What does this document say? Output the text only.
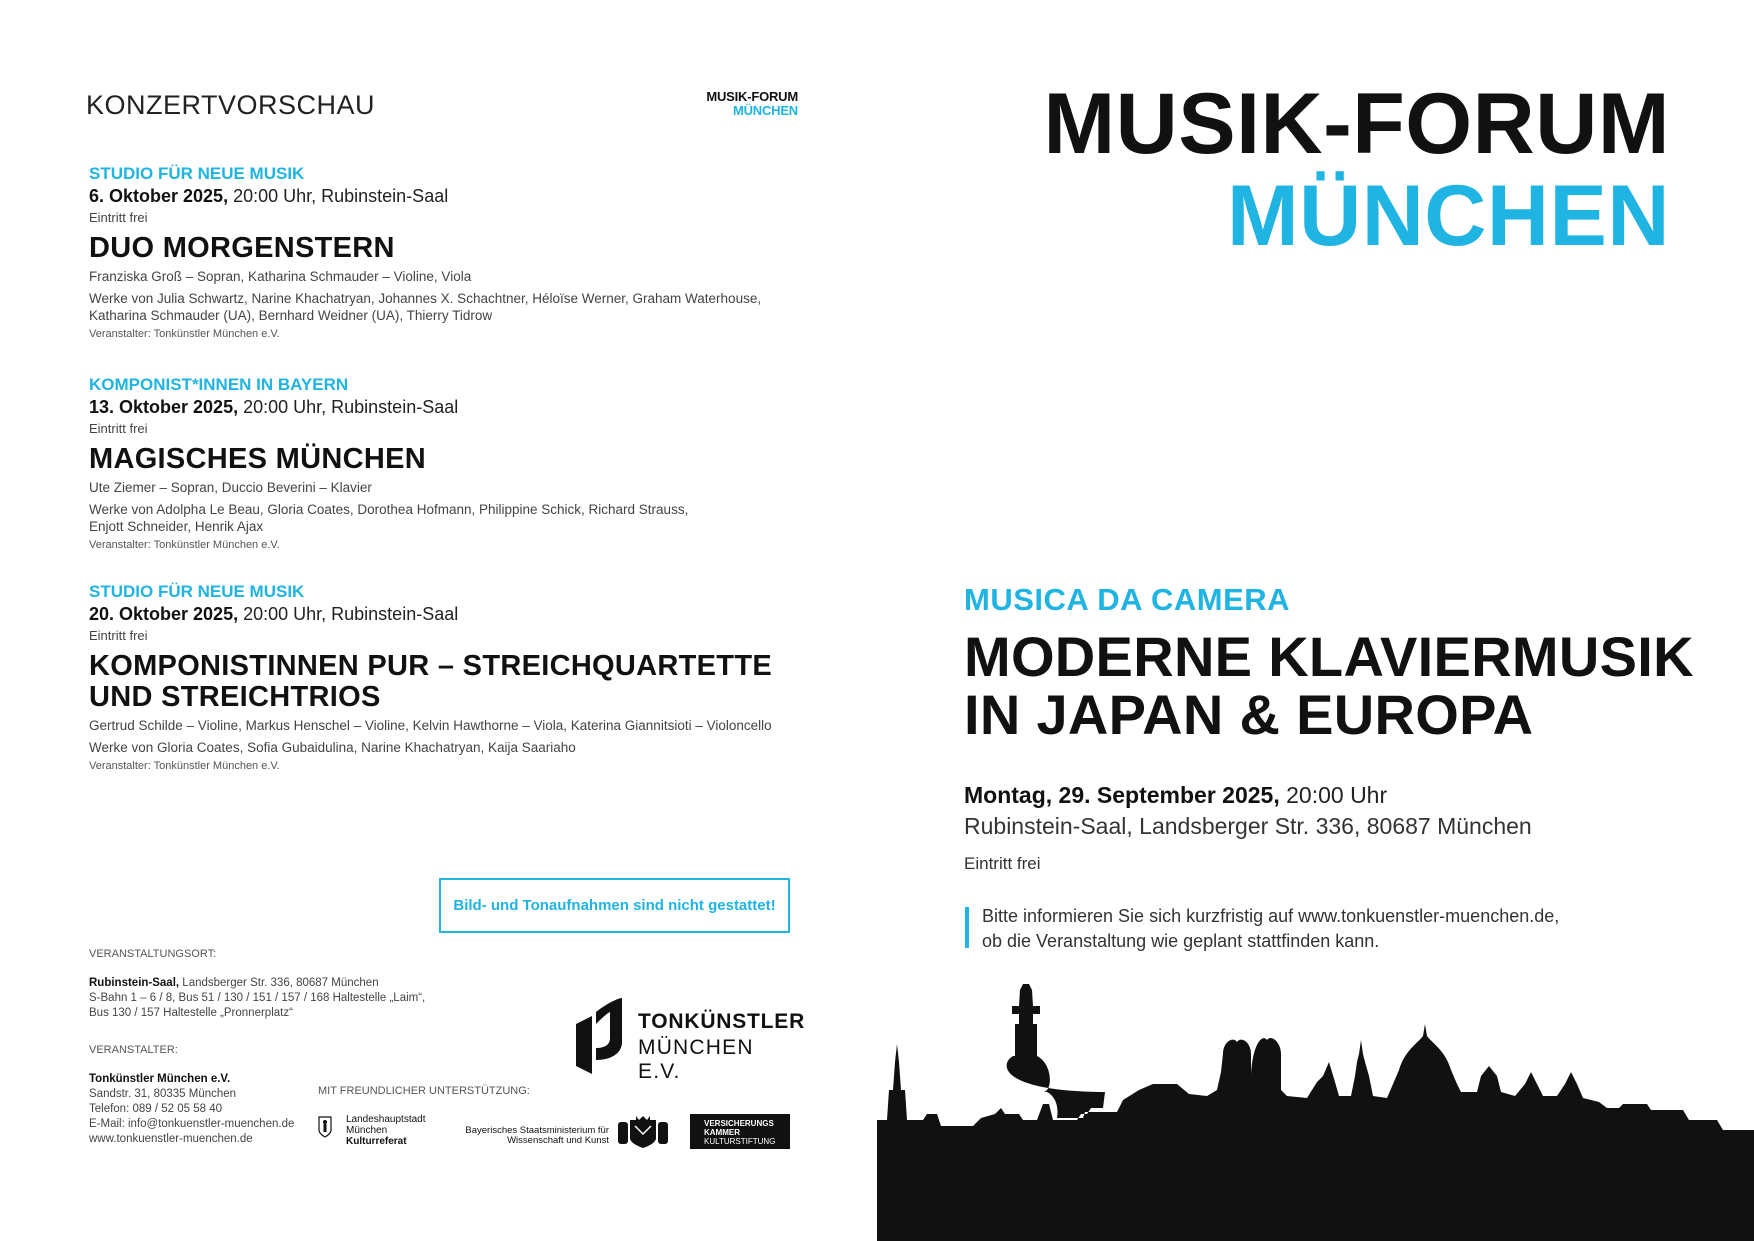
KONZERTVORSCHAU	MUSIK-FORUM
MÜNCHEN
STUDIO FÜR NEUE MUSIK
6. Oktober 2025, 20:00 Uhr, Rubinstein-Saal
Eintritt frei
DUO MORGENSTERN
Franziska Groß – Sopran, Katharina Schmauder – Violine, Viola
Werke von Julia Schwartz, Narine Khachatryan, Johannes X. Schachtner, Héloïse Werner, Graham Waterhouse,
Katharina Schmauder (UA), Bernhard Weidner (UA), Thierry Tidrow
Veranstalter: Tonkünstler München e.V.
KOMPONIST*INNEN IN BAYERN
13. Oktober 2025, 20:00 Uhr, Rubinstein-Saal
Eintritt frei
MAGISCHES MÜNCHEN
Ute Ziemer – Sopran, Duccio Beverini – Klavier
Werke von Adolpha Le Beau, Gloria Coates, Dorothea Hofmann, Philippine Schick, Richard Strauss,
Enjott Schneider, Henrik Ajax
Veranstalter: Tonkünstler München e.V.
STUDIO FÜR NEUE MUSIK
20. Oktober 2025, 20:00 Uhr, Rubinstein-Saal
Eintritt frei
KOMPONISTINNEN PUR – STREICHQUARTETTE
UND STREICHTRIOS
Gertrud Schilde – Violine, Markus Henschel – Violine, Kelvin Hawthorne – Viola, Katerina Giannitsioti – Violoncello
Werke von Gloria Coates, Sofia Gubaidulina, Narine Khachatryan, Kaija Saariaho
Veranstalter: Tonkünstler München e.V.
Bild- und Tonaufnahmen sind nicht gestattet!
VERANSTALTUNGSORT:
Rubinstein-Saal, Landsberger Str. 336, 80687 München
S-Bahn 1 – 6 / 8, Bus 51 / 130 / 151 / 157 / 168 Haltestelle „Laim“,
Bus 130 / 157 Haltestelle „Pronnerplatz“
VERANSTALTER:
Tonkünstler München e.V.
Sandstr. 31, 80335 München
Telefon: 089 / 52 05 58 40
E-Mail: info@tonkuenstler-muenchen.de
www.tonkuenstler-muenchen.de
TONKÜNSTLER
MÜNCHEN E.V.
MIT FREUNDLICHER UNTERSTÜTZUNG:
Landeshauptstadt
München
Kulturreferat
Bayerisches Staatsministerium für
Wissenschaft und Kunst
VERSICHERUNGS
KAMMER
KULTURSTIFTUNG
MUSIK-FORUM
MÜNCHEN
MUSICA DA CAMERA
MODERNE KLAVIERMUSIK
IN JAPAN & EUROPA
Montag, 29. September 2025, 20:00 Uhr
Rubinstein-Saal, Landsberger Str. 336, 80687 München
Eintritt frei
Bitte informieren Sie sich kurzfristig auf www.tonkuenstler-muenchen.de,
ob die Veranstaltung wie geplant stattfinden kann.
